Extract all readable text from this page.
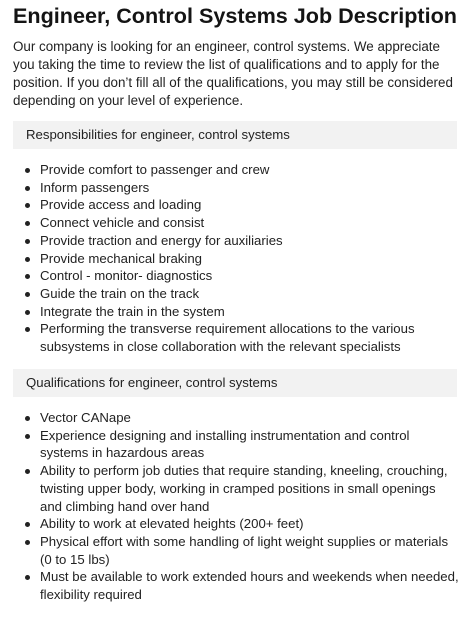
Engineer, Control Systems Job Description

Our company is looking for an engineer, control systems. We appreciate you taking the time to review the list of qualifications and to apply for the position. If you don’t fill all of the qualifications, you may still be considered depending on your level of experience.

Responsibilities for engineer, control systems
Provide comfort to passenger and crew
Inform passengers
Provide access and loading
Connect vehicle and consist
Provide traction and energy for auxiliaries
Provide mechanical braking
Control - monitor- diagnostics
Guide the train on the track
Integrate the train in the system
Performing the transverse requirement allocations to the various subsystems in close collaboration with the relevant specialists
Qualifications for engineer, control systems
Vector CANape
Experience designing and installing instrumentation and control systems in hazardous areas
Ability to perform job duties that require standing, kneeling, crouching, twisting upper body, working in cramped positions in small openings and climbing hand over hand
Ability to work at elevated heights (200+ feet)
Physical effort with some handling of light weight supplies or materials (0 to 15 lbs)
Must be available to work extended hours and weekends when needed, flexibility required
